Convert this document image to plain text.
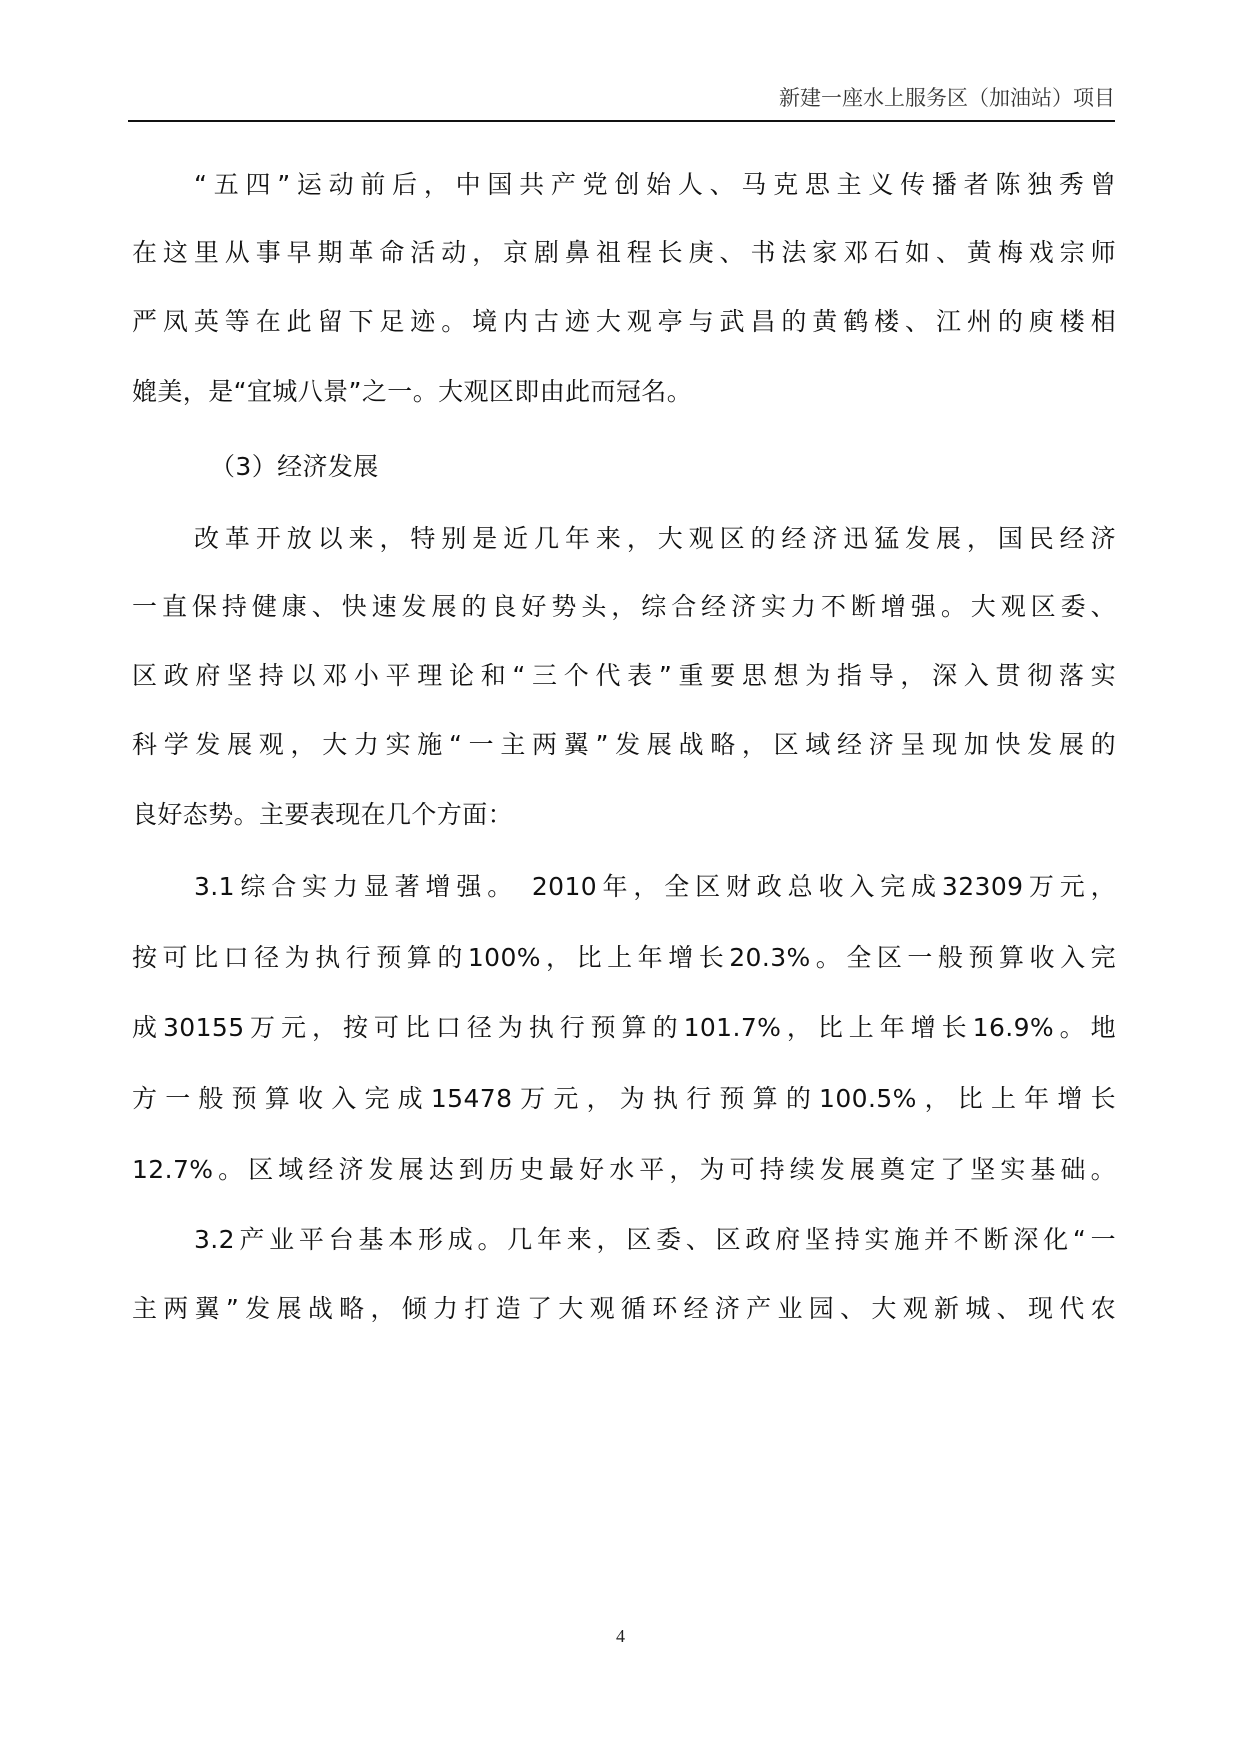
新建一座水上服务区（加油站）项目
“五四”运动前后，中国共产党创始人、马克思主义传播者陈独秀曾
在这里从事早期革命活动，京剧鼻祖程长庚、书法家邓石如、黄梅戏宗师
严凤英等在此留下足迹。境内古迹大观亭与武昌的黄鹤楼、江州的庾楼相
媲美，是“宜城八景”之一。大观区即由此而冠名。
改革开放以来，特别是近几年来，大观区的经济迅猛发展，国民经济
一直保持健康、快速发展的良好势头，综合经济实力不断增强。大观区委、
区政府坚持以邓小平理论和“三个代表”重要思想为指导，深入贯彻落实
科学发展观，大力实施“一主两翼”发展战略，区域经济呈现加快发展的
良好态势。主要表现在几个方面：
3.1综合实力显著增强。 2010年，全区财政总收入完成32309万元，
按可比口径为执行预算的100%，比上年增长20.3%。全区一般预算收入完
成30155万元，按可比口径为执行预算的101.7%，比上年增长16.9%。地
方一般预算收入完成15478万元，为执行预算的100.5%，比上年增长
12.7%。区域经济发展达到历史最好水平，为可持续发展奠定了坚实基础。
3.2产业平台基本形成。几年来，区委、区政府坚持实施并不断深化“一
主两翼”发展战略，倾力打造了大观循环经济产业园、大观新城、现代农
（3）经济发展
4
